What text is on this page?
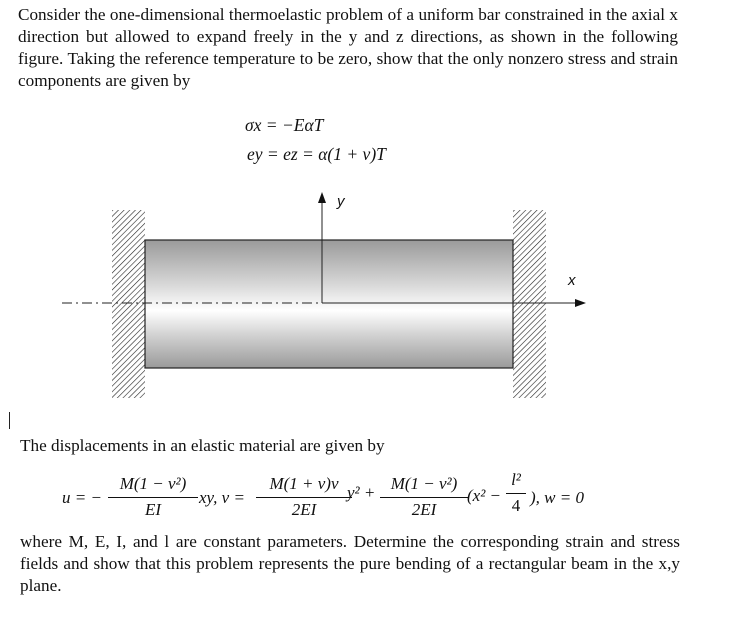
Consider the one-dimensional thermoelastic problem of a uniform bar constrained in the axial x direction but allowed to expand freely in the y and z directions, as shown in the following figure. Taking the reference temperature to be zero, show that the only nonzero stress and strain components are given by

σx = −EαT
ey = ez = α(1 + ν)T
y
x

The displacements in an elastic material are given by

u = −
M(1 − ν²)
EI
xy, v =
M(1 + ν)ν
2EI
y² + M(1 − ν²)
2EI
(x² −
l²
4 ), w = 0

where M, E, I, and l are constant parameters. Determine the corresponding strain and stress fields and show that this problem represents the pure bending of a rectangular beam in the x,y plane.
